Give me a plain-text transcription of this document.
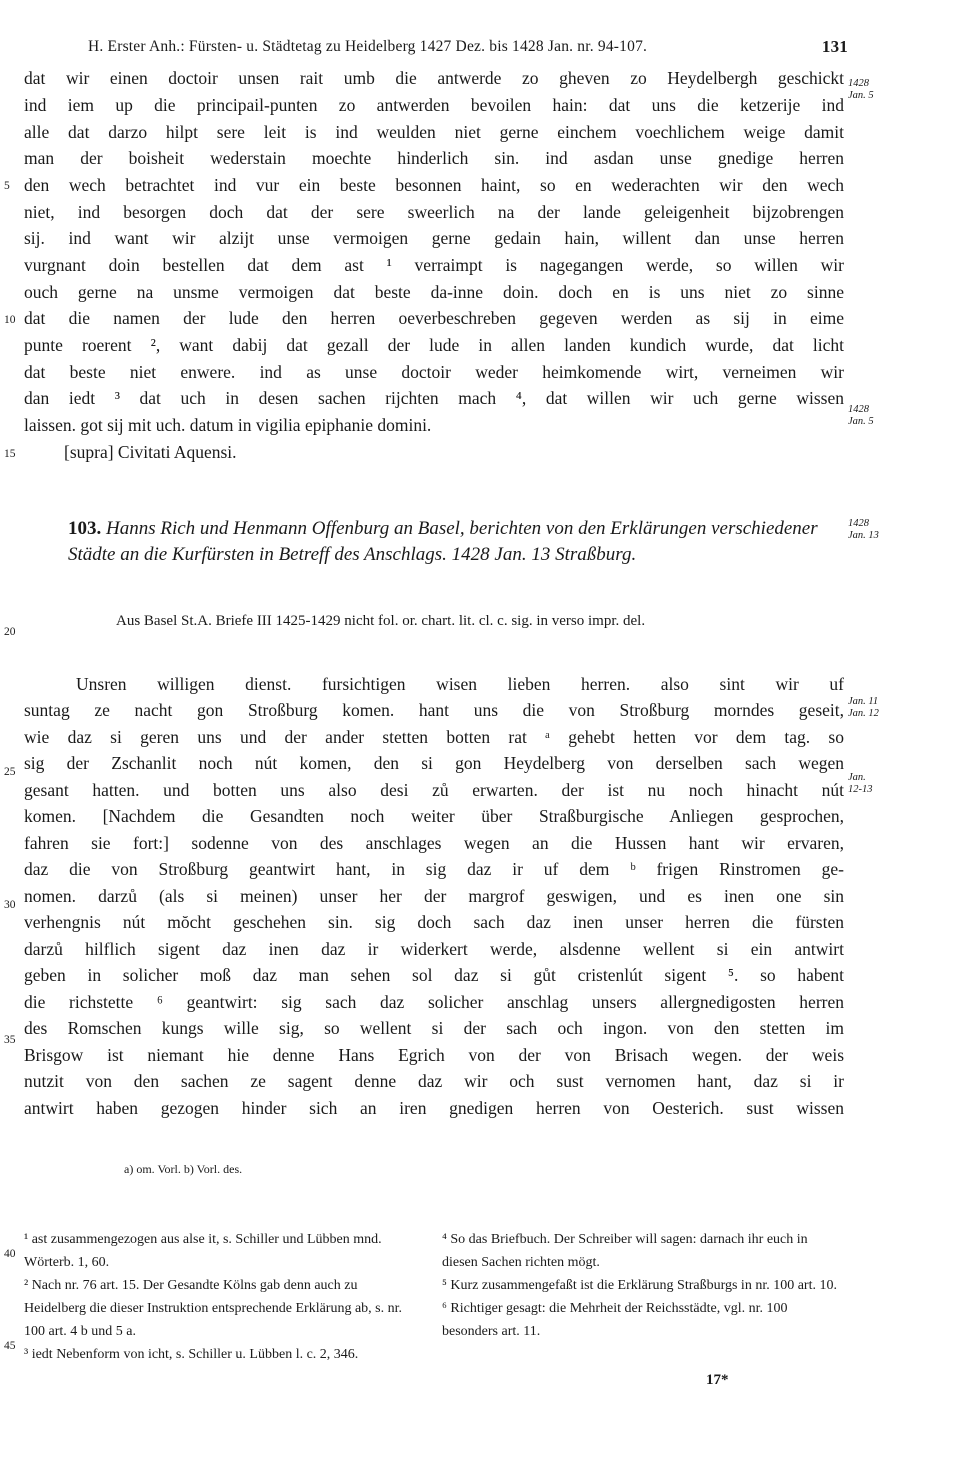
H. Erster Anh.: Fürsten- u. Städtetag zu Heidelberg 1427 Dez. bis 1428 Jan. nr. 94-107.	131
dat wir einen doctoir unsen rait umb die antwerde zo gheven zo Heydelbergh geschickt
ind iem up die principail-punten zo antwerden bevoilen hain: dat uns die ketzerije ind
alle dat darzo hilpt sere leit is ind weulden niet gerne einchem voechlichem weige damit
man der boisheit wederstain moechte hinderlich sin. ind asdan unse gnedige herren
den wech betrachtet ind vur ein beste besonnen haint, so en wederachten wir den wech
niet, ind besorgen doch dat der sere sweerlich na der lande geleigenheit bijzobrengen
sij. ind want wir alzijt unse vermoigen gerne gedain hain, willent dan unse herren
vurgnant doin bestellen dat dem ast ¹ verraimpt is nagegangen werde, so willen wir
ouch gerne na unsme vermoigen dat beste da-inne doin. doch en is uns niet zo sinne
dat die namen der lude den herren oeverbeschreben gegeven werden as sij in eime
punte roerent ², want dabij dat gezall der lude in allen landen kundich wurde, dat licht
dat beste niet enwere. ind as unse doctoir weder heimkomende wirt, verneimen wir
dan iedt ³ dat uch in desen sachen rijchten mach ⁴, dat willen wir uch gerne wissen
laissen. got sij mit uch. datum in vigilia epiphanie domini.
[supra] Civitati Aquensi.
5
10
15
20
25
30
35
40
45
1428
Jan. 5
1428
Jan. 5
1428
Jan. 13
Jan. 11
Jan. 12
Jan.
12-13
103. Hanns Rich und Henmann Offenburg an Basel, berichten von den Erklärungen verschiedener Städte an die Kurfürsten in Betreff des Anschlags. 1428 Jan. 13 Straßburg.
Aus Basel St.A. Briefe III 1425-1429 nicht fol. or. chart. lit. cl. c. sig. in verso impr. del.
Unsren willigen dienst. fursichtigen wisen lieben herren. also sint wir uf
suntag ze nacht gon Stroßburg komen. hant uns die von Stroßburg morndes geseit,
wie daz si geren uns und der ander stetten botten rat ᵃ gehebt hetten vor dem tag. so
sig der Zschanlit noch nút komen, den si gon Heydelberg von derselben sach wegen
gesant hatten. und botten uns also desi zů erwarten. der ist nu noch hinacht nút
komen. [Nachdem die Gesandten noch weiter über Straßburgische Anliegen gesprochen,
fahren sie fort:] sodenne von des anschlages wegen an die Hussen hant wir ervaren,
daz die von Stroßburg geantwirt hant, in sig daz ir uf dem ᵇ frigen Rinstromen ge-
nomen. darzů (als si meinen) unser her der margrof geswigen, und es inen one sin
verhengnis nút mŏcht geschehen sin. sig doch sach daz inen unser herren die fürsten
darzů hilflich sigent daz inen daz ir widerkert werde, alsdenne wellent si ein antwirt
geben in solicher moß daz man sehen sol daz si gůt cristenlút sigent ⁵. so habent
die richstette ⁶ geantwirt: sig sach daz solicher anschlag unsers allergnedigosten herren
des Romschen kungs wille sig, so wellent si der sach och ingon. von den stetten im
Brisgow ist niemant hie denne Hans Egrich von der von Brisach wegen. der weis
nutzit von den sachen ze sagent denne daz wir och sust vernomen hant, daz si ir
antwirt haben gezogen hinder sich an iren gnedigen herren von Oesterich. sust wissen
a) om. Vorl. b) Vorl. des.
¹ ast zusammengezogen aus alse it, s. Schiller und Lübben mnd. Wörterb. 1, 60.
² Nach nr. 76 art. 15. Der Gesandte Kölns gab denn auch zu Heidelberg die dieser Instruktion entsprechende Erklärung ab, s. nr. 100 art. 4 b und 5 a.
³ iedt Nebenform von icht, s. Schiller u. Lübben l. c. 2, 346.
⁴ So das Briefbuch. Der Schreiber will sagen: darnach ihr euch in diesen Sachen richten mögt.
⁵ Kurz zusammengefaßt ist die Erklärung Straßburgs in nr. 100 art. 10.
⁶ Richtiger gesagt: die Mehrheit der Reichsstädte, vgl. nr. 100 besonders art. 11.
17*
